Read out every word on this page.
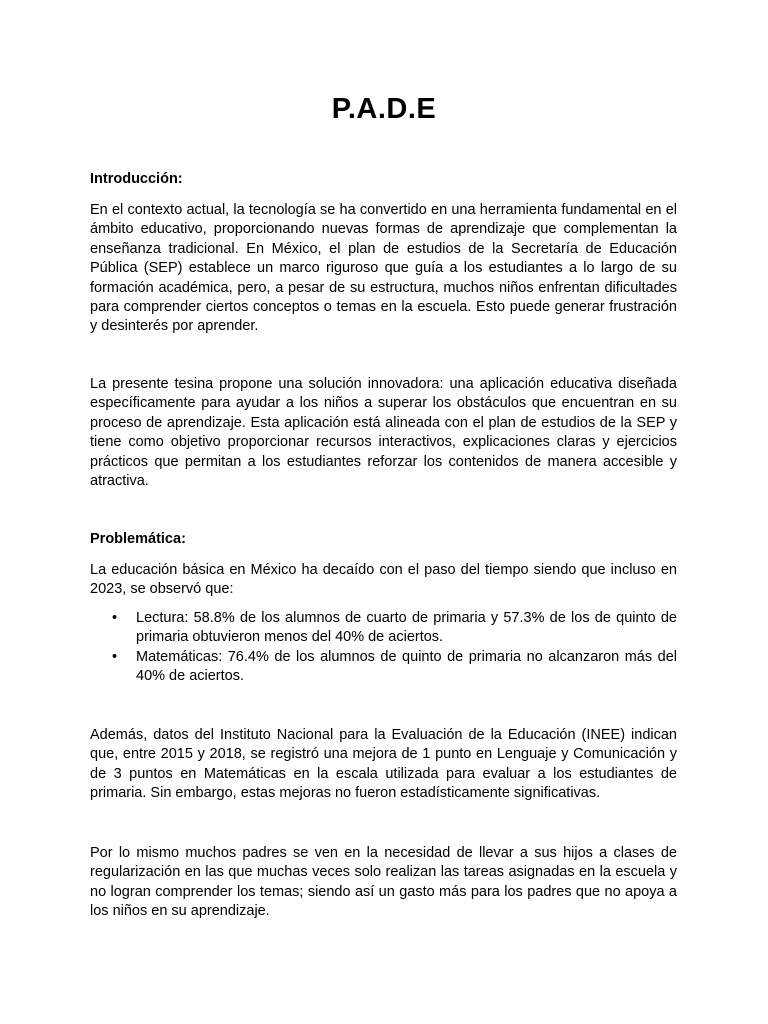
P.A.D.E

Introducción:

En el contexto actual, la tecnología se ha convertido en una herramienta fundamental en el ámbito educativo, proporcionando nuevas formas de aprendizaje que complementan la enseñanza tradicional. En México, el plan de estudios de la Secretaría de Educación Pública (SEP) establece un marco riguroso que guía a los estudiantes a lo largo de su formación académica, pero, a pesar de su estructura, muchos niños enfrentan dificultades para comprender ciertos conceptos o temas en la escuela. Esto puede generar frustración y desinterés por aprender.

La presente tesina propone una solución innovadora: una aplicación educativa diseñada específicamente para ayudar a los niños a superar los obstáculos que encuentran en su proceso de aprendizaje. Esta aplicación está alineada con el plan de estudios de la SEP y tiene como objetivo proporcionar recursos interactivos, explicaciones claras y ejercicios prácticos que permitan a los estudiantes reforzar los contenidos de manera accesible y atractiva.

Problemática:

La educación básica en México ha decaído con el paso del tiempo siendo que incluso en 2023, se observó que:

• Lectura: 58.8% de los alumnos de cuarto de primaria y 57.3% de los de quinto de primaria obtuvieron menos del 40% de aciertos.
• Matemáticas: 76.4% de los alumnos de quinto de primaria no alcanzaron más del 40% de aciertos.

Además, datos del Instituto Nacional para la Evaluación de la Educación (INEE) indican que, entre 2015 y 2018, se registró una mejora de 1 punto en Lenguaje y Comunicación y de 3 puntos en Matemáticas en la escala utilizada para evaluar a los estudiantes de primaria. Sin embargo, estas mejoras no fueron estadísticamente significativas.

Por lo mismo muchos padres se ven en la necesidad de llevar a sus hijos a clases de regularización en las que muchas veces solo realizan las tareas asignadas en la escuela y no logran comprender los temas; siendo así un gasto más para los padres que no apoya a los niños en su aprendizaje.
